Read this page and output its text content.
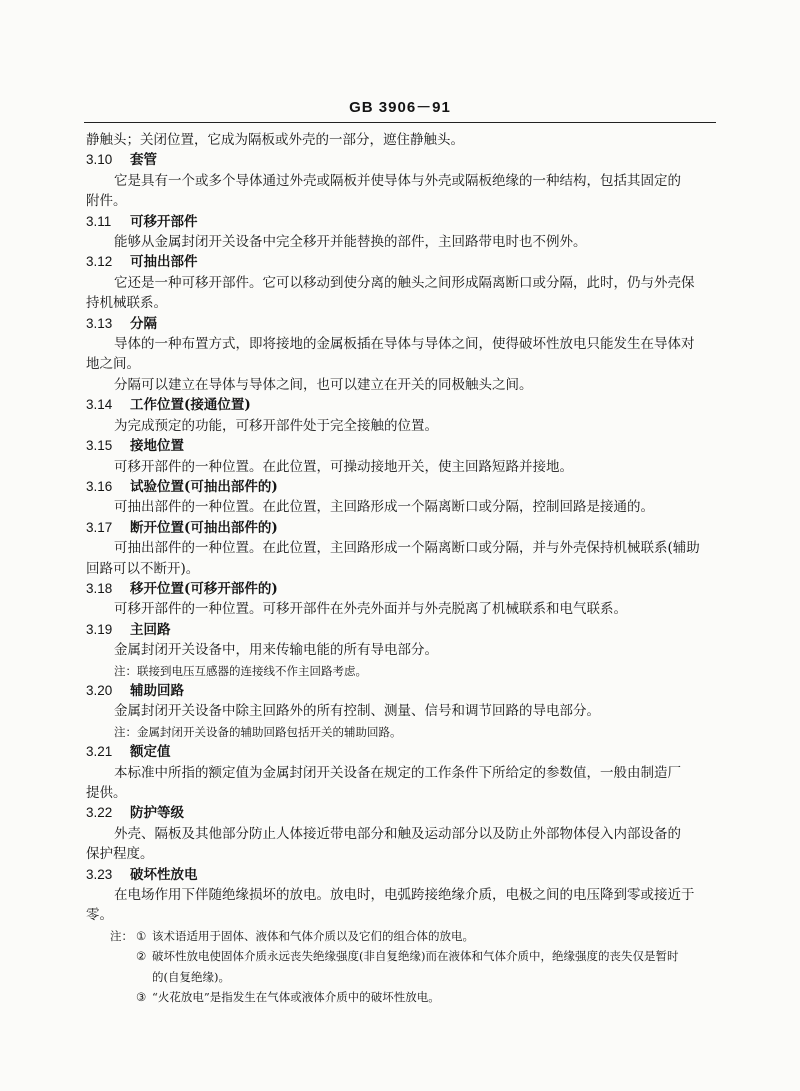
GB 3906－91

静触头；关闭位置，它成为隔板或外壳的一部分，遮住静触头。

3.10 套管

它是具有一个或多个导体通过外壳或隔板并使导体与外壳或隔板绝缘的一种结构，包括其固定的

附件。

3.11 可移开部件

能够从金属封闭开关设备中完全移开并能替换的部件，主回路带电时也不例外。

3.12 可抽出部件

它还是一种可移开部件。它可以移动到使分离的触头之间形成隔离断口或分隔，此时，仍与外壳保

持机械联系。

3.13 分隔

导体的一种布置方式，即将接地的金属板插在导体与导体之间，使得破坏性放电只能发生在导体对

地之间。

分隔可以建立在导体与导体之间，也可以建立在开关的同极触头之间。

3.14 工作位置(接通位置)

为完成预定的功能，可移开部件处于完全接触的位置。

3.15 接地位置

可移开部件的一种位置。在此位置，可操动接地开关，使主回路短路并接地。

3.16 试验位置(可抽出部件的)

可抽出部件的一种位置。在此位置，主回路形成一个隔离断口或分隔，控制回路是接通的。

3.17 断开位置(可抽出部件的)

可抽出部件的一种位置。在此位置，主回路形成一个隔离断口或分隔，并与外壳保持机械联系(辅助

回路可以不断开)。

3.18 移开位置(可移开部件的)

可移开部件的一种位置。可移开部件在外壳外面并与外壳脱离了机械联系和电气联系。

3.19 主回路

金属封闭开关设备中，用来传输电能的所有导电部分。

注：联接到电压互感器的连接线不作主回路考虑。

3.20 辅助回路

金属封闭开关设备中除主回路外的所有控制、测量、信号和调节回路的导电部分。

注：金属封闭开关设备的辅助回路包括开关的辅助回路。

3.21 额定值

本标准中所指的额定值为金属封闭开关设备在规定的工作条件下所给定的参数值，一般由制造厂

提供。

3.22 防护等级

外壳、隔板及其他部分防止人体接近带电部分和触及运动部分以及防止外部物体侵入内部设备的

保护程度。

3.23 破坏性放电

在电场作用下伴随绝缘损坏的放电。放电时，电弧跨接绝缘介质，电极之间的电压降到零或接近于

零。

注： ① 该术语适用于固体、液体和气体介质以及它们的组合体的放电。

② 破坏性放电使固体介质永远丧失绝缘强度(非自复绝缘)而在液体和气体介质中，绝缘强度的丧失仅是暂时

的(自复绝缘)。

③ “火花放电”是指发生在气体或液体介质中的破坏性放电。
